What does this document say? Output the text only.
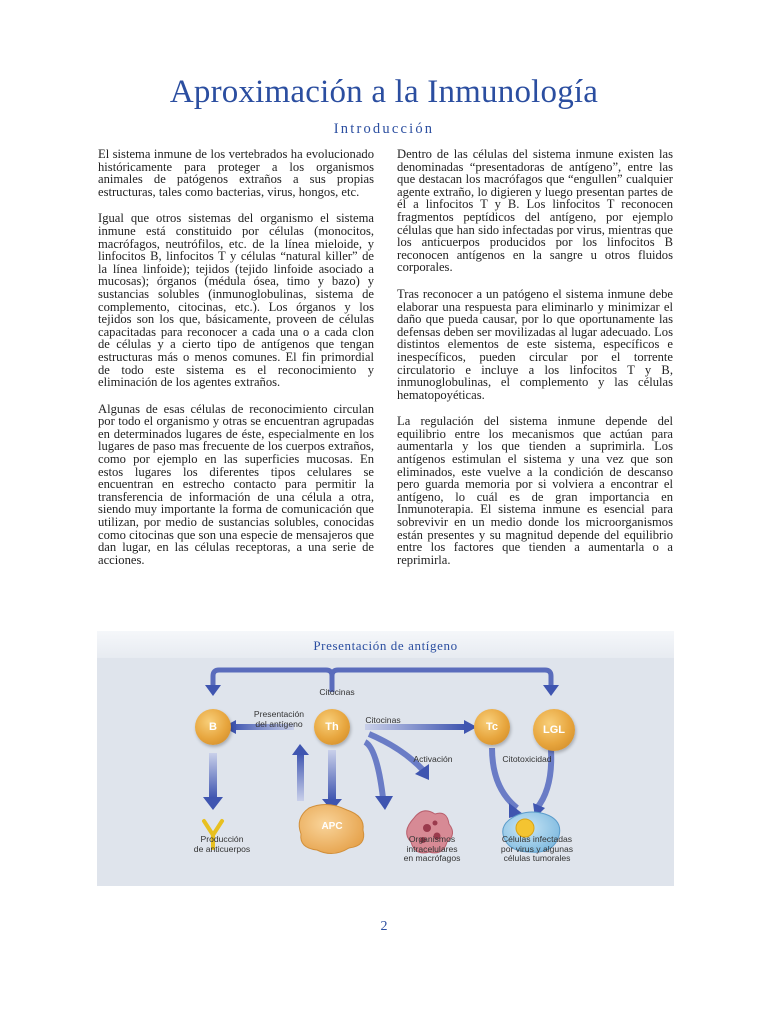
Aproximación a la Inmunología
Introducción

El sistema inmune de los vertebrados ha evolucionado históricamente para proteger a los organismos animales de patógenos extraños a sus propias estructuras, tales como bacterias, virus, hongos, etc.

Igual que otros sistemas del organismo el sistema inmune está constituido por células (monocitos, macrófagos, neutrófilos, etc. de la línea mieloide, y linfocitos B, linfocitos T y células “natural killer” de la línea linfoide); tejidos (tejido linfoide asociado a mucosas); órganos (médula ósea, timo y bazo) y sustancias solubles (inmunoglobulinas, sistema de complemento, citocinas, etc.). Los órganos y los tejidos son los que, básicamente, proveen de células capacitadas para reconocer a cada una o a cada clon de células y a cierto tipo de antígenos que tengan estructuras más o menos comunes. El fin primordial de todo este sistema es el reconocimiento y eliminación de los agentes extraños.

Algunas de esas células de reconocimiento circulan por todo el organismo y otras se encuentran agrupadas en determinados lugares de éste, especialmente en los lugares de paso mas frecuente de los cuerpos extraños, como por ejemplo en las superficies mucosas. En estos lugares los diferentes tipos celulares se encuentran en estrecho contacto para permitir la transferencia de información de una célula a otra, siendo muy importante la forma de comunicación que utilizan, por medio de sustancias solubles, conocidas como citocinas que son una especie de mensajeros que dan lugar, en las células receptoras, a una serie de acciones.

Dentro de las células del sistema inmune existen las denominadas “presentadoras de antígeno”, entre las que destacan los macrófagos que “engullen” cualquier agente extraño, lo digieren y luego presentan partes de él a linfocitos T y B. Los linfocitos T reconocen fragmentos peptídicos del antígeno, por ejemplo células que han sido infectadas por virus, mientras que los anticuerpos producidos por los linfocitos B reconocen antígenos en la sangre u otros fluidos corporales.

Tras reconocer a un patógeno el sistema inmune debe elaborar una respuesta para eliminarlo y minimizar el daño que pueda causar, por lo que oportunamente las defensas deben ser movilizadas al lugar adecuado. Los distintos elementos de este sistema, específicos e inespecíficos, pueden circular por el torrente circulatorio e incluye a los linfocitos T y B, inmunoglobulinas, el complemento y las células hematopoyéticas.

La regulación del sistema inmune depende del equilibrio entre los mecanismos que actúan para aumentarla y los que tienden a suprimirla. Los antígenos estimulan el sistema y una vez que son eliminados, este vuelve a la condición de descanso pero guarda memoria por si volviera a encontrar el antígeno, lo cuál es de gran importancia en Inmunoterapia. El sistema inmune es esencial para sobrevivir en un medio donde los microorganismos están presentes y su magnitud depende del equilibrio entre los factores que tienden a aumentarla o a reprimirla.

Presentación de antígeno
B	Th	Tc	LGL
APC
Citocinas
Presentación
del antígeno	Citocinas
Activación	Citotoxicidad
Producción
de anticuerpos
Organismos
intracelulares
en macrófagos
Células infectadas
por virus y algunas
células tumorales
2
